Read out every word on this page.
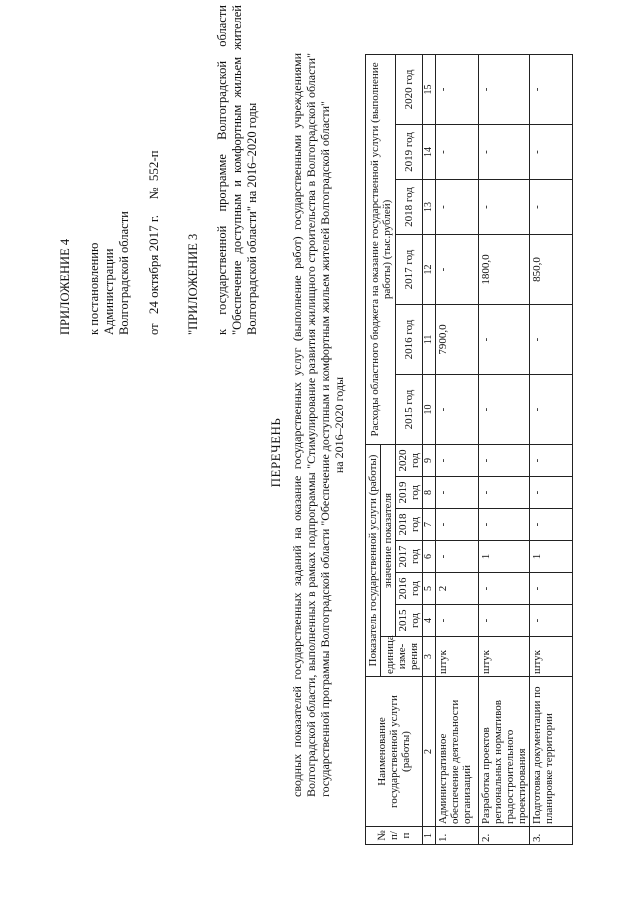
ПРИЛОЖЕНИЕ 4 к постановлению Администрации Волгоградской области от   24 октября 2017 г.     №  552-п
"ПРИЛОЖЕНИЕ 3 к государственной программе Волгоградской области "Обеспечение доступным и комфортным жильем жителей Волгоградской области" на 2016–2020 годы
ПЕРЕЧЕНЬ сводных показателей государственных заданий на оказание государственных услуг (выполнение работ) государственными учреждениями Волгоградской области, выполненных в рамках подпрограммы "Стимулирование развития жилищного строительства в Волгоградской области" государственной программы Волгоградской области "Обеспечение доступным и комфортным жильем жителей Волгоградской области" на 2016–2020 годы
№ п/п	Наименование государственной услуги (работы)	Показатель государственной услуги (работы)							Расходы областного бюджета на оказание государственной услуги (выполнение работы) (тыс.рублей)					
		единица изме-рения	значение показателя											
			2015 год	2016 год	2017 год	2018 год	2019 год	2020 год	2015 год	2016 год	2017 год	2018 год	2019 год	2020 год
1	2	3	4	5	6	7	8	9	10	11	12	13	14	15
1.	Административное обеспечение деятельности организаций	штук	-	2	-	-	-	-	-	7900,0	-	-	-	-
2.	Разработка проектов региональных нормативов градостроительного проектирования	штук	-	-	1	-	-	-	-	-	1800,0	-	-	-
3.	Подготовка документации по планировке территории	штук	-	-	1	-	-	-	-	-	850,0	-	-	-
